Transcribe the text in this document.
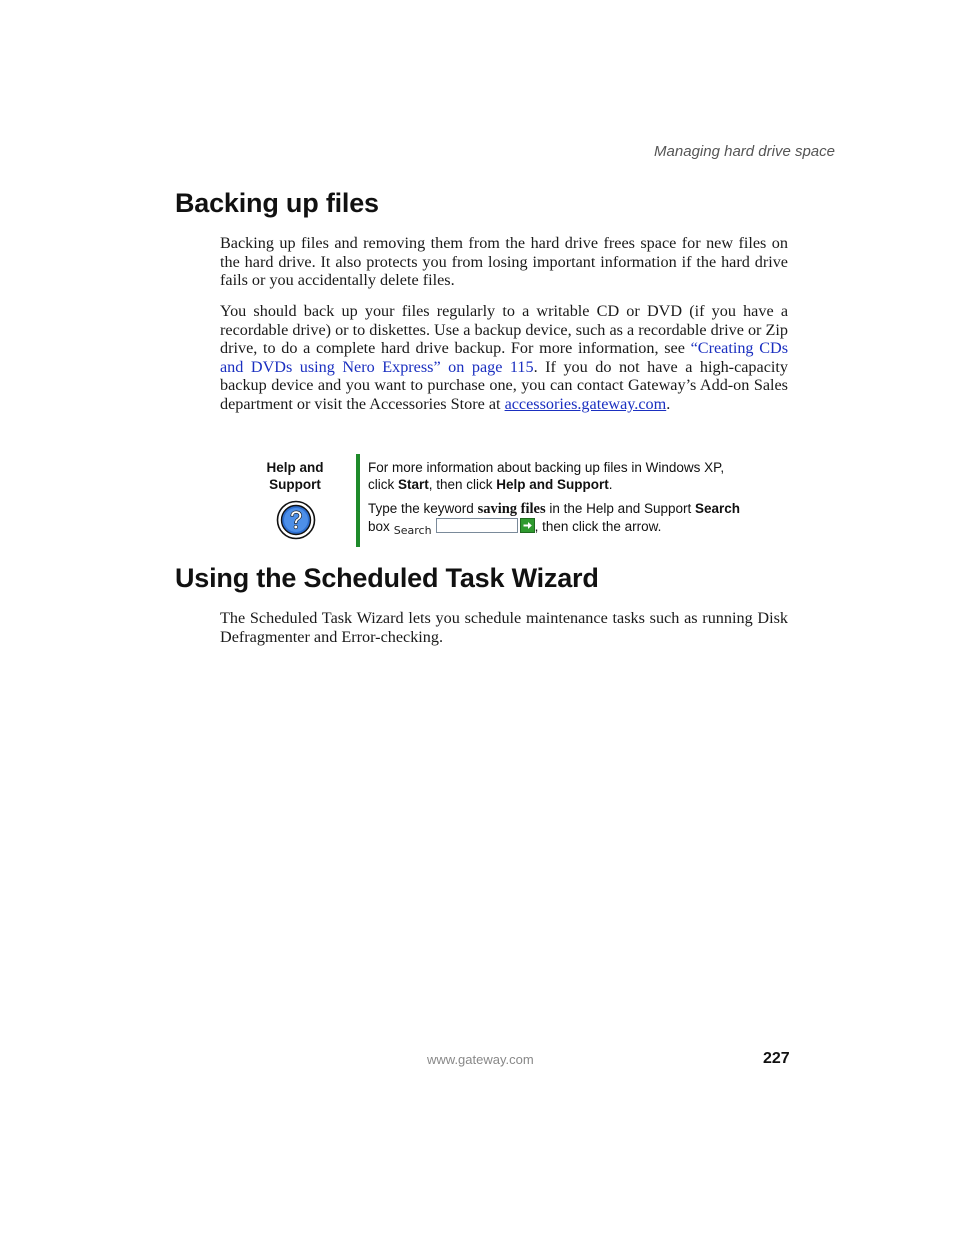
Managing hard drive space
Backing up files

Backing up files and removing them from the hard drive frees space for new files on the hard drive. It also protects you from losing important information if the hard drive fails or you accidentally delete files.

You should back up your files regularly to a writable CD or DVD (if you have a recordable drive) or to diskettes. Use a backup device, such as a recordable drive or Zip drive, to do a complete hard drive backup. For more information, see “Creating CDs and DVDs using Nero Express” on page 115. If you do not have a high-capacity backup device and you want to purchase one, you can contact Gateway’s Add-on Sales department or visit the Accessories Store at accessories.gateway.com.

Help and Support
For more information about backing up files in Windows XP, click Start, then click Help and Support.
Type the keyword saving files in the Help and Support Search box Search	, then click the arrow.
Using the Scheduled Task Wizard

The Scheduled Task Wizard lets you schedule maintenance tasks such as running Disk Defragmenter and Error-checking.

www.gateway.com	227
